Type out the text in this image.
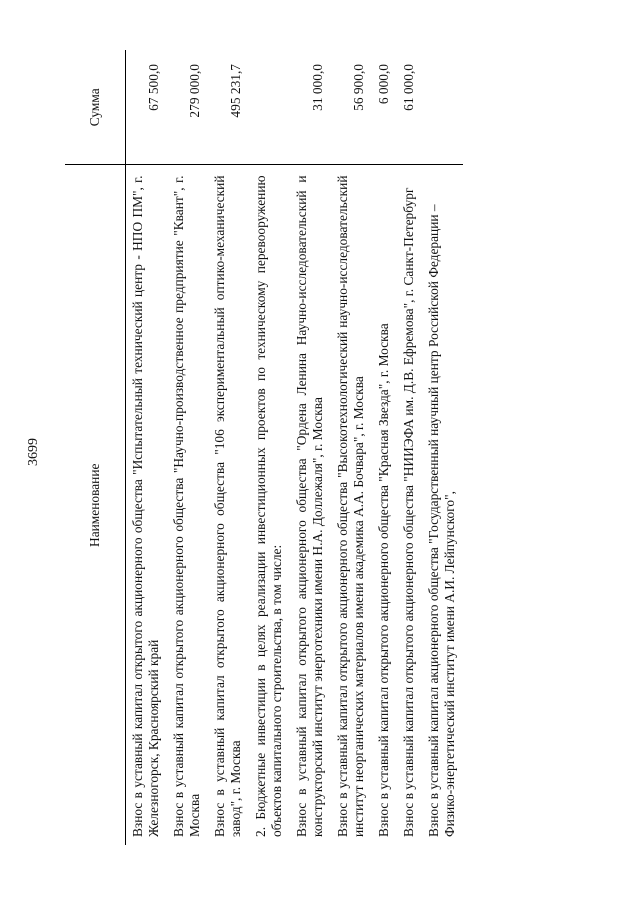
3699
Наименование	Сумма
Взнос в уставный капитал открытого акционерного общества "Испытательный технический центр - НПО ПМ", г. Железногорск, Красноярский край	67 500,0
Взнос в уставный капитал открытого акционерного общества "Научно-производственное предприятие "Квант", г. Москва	279 000,0
Взнос в уставный капитал открытого акционерного общества "106 экспериментальный оптико-механический завод", г. Москва	495 231,7
2. Бюджетные инвестиции в целях реализации инвестиционных проектов по техническому перевооружению объектов капитального строительства, в том числе:	
Взнос в уставный капитал открытого акционерного общества "Ордена Ленина Научно-исследовательский и конструкторский институт энерготехники имени Н.А. Доллежаля", г. Москва	31 000,0
Взнос в уставный капитал открытого акционерного общества "Высокотехнологический научно-исследовательский институт неорганических материалов имени академика А.А. Бочвара", г. Москва	56 900,0
Взнос в уставный капитал открытого акционерного общества "Красная Звезда", г. Москва	6 000,0
Взнос в уставный капитал открытого акционерного общества "НИИЭФА им. Д.В. Ефремова", г. Санкт-Петербург	61 000,0
Взнос в уставный капитал акционерного общества "Государственный научный центр Российской Федерации – Физико-энергетический институт имени А.И. Лейпунского",	
